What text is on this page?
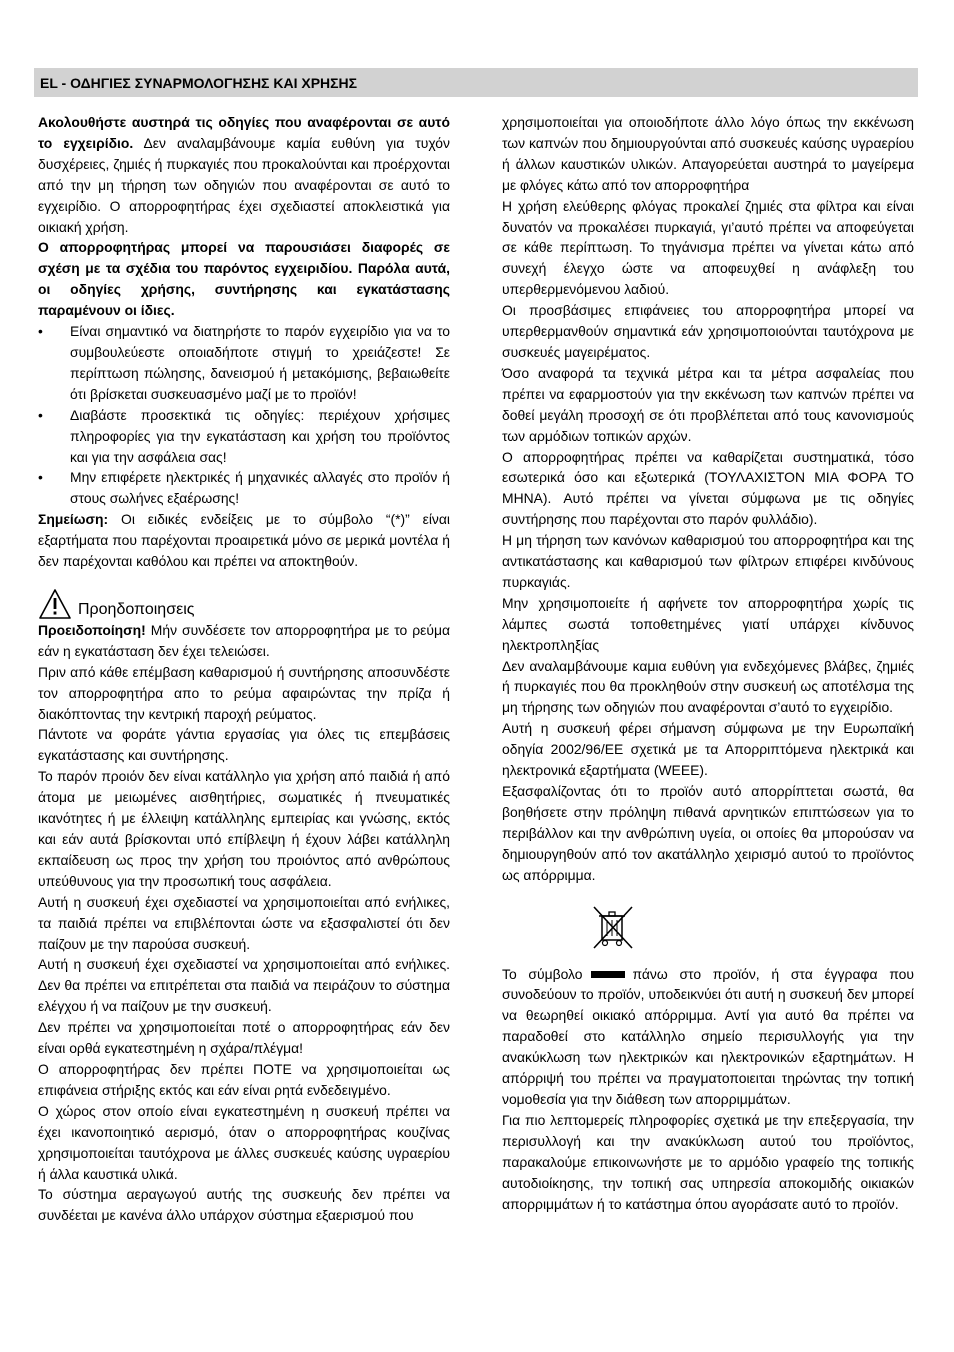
EL - ΟΔΗΓΙΕΣ ΣΥΝΑΡΜΟΛΟΓΗΣΗΣ ΚΑΙ ΧΡΗΣΗΣ

Ακολουθήστε αυστηρά τις οδηγίες που αναφέρονται σε αυτό το εγχειρίδιο. Δεν αναλαμβάνουμε καμία ευθύνη για τυχόν δυσχέρειες, ζημιές ή πυρκαγιές που προκαλούνται και προέρχονται από την μη τήρηση των οδηγιών που αναφέρονται σε αυτό το εγχειρίδιο. Ο απορροφητήρας έχει σχεδιαστεί αποκλειστικά για οικιακή χρήση.

Ο απορροφητήρας μπορεί να παρουσιάσει διαφορές σε σχέση με τα σχέδια του παρόντος εγχειριδίου. Παρόλα αυτά, οι οδηγίες χρήσης, συντήρησης και εγκατάστασης παραμένουν οι ίδιες.

• Είναι σημαντικό να διατηρήστε το παρόν εγχειρίδιο για να το συμβουλεύεστε οποιαδήποτε στιγμή το χρειάζεστε! Σε περίπτωση πώλησης, δανεισμού ή μετακόμισης, βεβαιωθείτε ότι βρίσκεται συσκευασμένο μαζί με το προϊόν!
• Διαβάστε προσεκτικά τις οδηγίες: περιέχουν χρήσιμες πληροφορίες για την εγκατάσταση και χρήση του προϊόντος και για την ασφάλεια σας!
• Μην επιφέρετε ηλεκτρικές ή μηχανικές αλλαγές στο προϊόν ή στους σωλήνες εξαέρωσης!

Σημείωση: Οι ειδικές ενδείξεις με το σύμβολο “(*)” είναι εξαρτήματα που παρέχονται προαιρετικά μόνο σε μερικά μοντέλα ή δεν παρέχονται καθόλου και πρέπει να αποκτηθούν.

Προηδοποιησεις

Προειδοποίηση! Μήν συνδέσετε τον απορροφητήρα με το ρεύμα εάν η εγκατάσταση δεν έχει τελειώσει.

Πριν από κάθε επέμβαση καθαρισμού ή συντήρησης αποσυνδέστε τον απορροφητήρα απο το ρεύμα αφαιρώντας την πρίζα ή διακόπτοντας την κεντρική παροχή ρεύματος.

Πάντοτε να φοράτε γάντια εργασίας για όλες τις επεμβάσεις εγκατάστασης και συντήρησης.

Το παρόν προιόν δεν είναι κατάλληλο για χρήση από παιδιά ή από άτομα με μειωμένες αισθητήριες, σωματικές ή πνευματικές ικανότητες ή με έλλειψη κατάλληλης εμπειρίας και γνώσης, εκτός και εάν αυτά βρίσκονται υπό επίβλεψη ή έχουν λάβει κατάλληλη εκπαίδευση ως προς την χρήση του προιόντος από ανθρώπους υπεύθυνους για την προσωπική τους ασφάλεια.

Αυτή η συσκευή έχει σχεδιαστεί να χρησιμοποιείται από ενήλικες, τα παιδιά πρέπει να επιβλέπονται ώστε να εξασφαλιστεί ότι δεν παίζουν με την παρούσα συσκευή.

Αυτή η συσκευή έχει σχεδιαστεί να χρησιμοποιείται από ενήλικες. Δεν θα πρέπει να επιτρέπεται στα παιδιά να πειράζουν το σύστημα ελέγχου ή να παίζουν με την συσκευή.

Δεν πρέπει να χρησιμοποιείται ποτέ ο απορροφητήρας εάν δεν είναι ορθά εγκατεστημένη η σχάρα/πλέγμα!

Ο απορροφητήρας δεν πρέπει ΠΟΤΕ να χρησιμοποιείται ως επιφάνεια στήριξης εκτός και εάν είναι ρητά ενδεδειγμένο.

Ο χώρος στον οποίο είναι εγκατεστημένη η συσκευή πρέπει να έχει ικανοποιητικό αερισμό, όταν ο απορροφητήρας κουζίνας χρησιμοποιείται ταυτόχρονα με άλλες συσκευές καύσης υγραερίου ή άλλα καυστικά υλικά.

Το σύστημα αεραγωγού αυτής της συσκευής δεν πρέπει να συνδέεται με κανένα άλλο υπάρχον σύστημα εξαερισμού που

χρησιμοποιείται για οποιοδήποτε άλλο λόγο όπως την εκκένωση των καπνών που δημιουργούνται από συσκευές καύσης υγραερίου ή άλλων καυστικών υλικών. Απαγορεύεται αυστηρά το μαγείρεμα με φλόγες κάτω από τον απορροφητήρα

Η χρήση ελεύθερης φλόγας προκαλεί ζημιές στα φίλτρα και είναι δυνατόν να προκαλέσει πυρκαγιά, γι’αυτό πρέπει να αποφεύγεται σε κάθε περίπτωση. Το τηγάνισμα πρέπει να γίνεται κάτω από συνεχή έλεγχο ώστε να αποφευχθεί η ανάφλεξη του υπερθερμενόμενου λαδιού.

Οι προσβάσιμες επιφάνειες του απορροφητήρα μπορεί να υπερθερμανθούν σημαντικά εάν χρησιμοποιούνται ταυτόχρονα με συσκευές μαγειρέματος.

Όσο αναφορά τα τεχνικά μέτρα και τα μέτρα ασφαλείας που πρέπει να εφαρμοστούν για την εκκένωση των καπνών πρέπει να δοθεί μεγάλη προσοχή σε ότι προβλέπεται από τους κανονισμούς των αρμόδιων τοπικών αρχών.

Ο απορροφητήρας πρέπει να καθαρίζεται συστηματικά, τόσο εσωτερικά όσο και εξωτερικά (ΤΟΥΛΑΧΙΣΤΟΝ ΜΙΑ ΦΟΡΑ ΤΟ ΜΗΝΑ). Αυτό πρέπει να γίνεται σύμφωνα με τις οδηγίες συντήρησης που παρέχονται στο παρόν φυλλάδιο).

Η μη τήρηση των κανόνων καθαρισμού του απορροφητήρα και της αντικατάστασης και καθαρισμού των φίλτρων επιφέρει κινδύνους πυρκαγιάς.

Μην χρησιμοποιείτε ή αφήνετε τον απορροφητήρα χωρίς τις λάμπες σωστά τοποθετημένες γιατί υπάρχει κίνδυνος ηλεκτροπληξίας

Δεν αναλαμβάνουμε καμια ευθύνη για ενδεχόμενες βλάβες, ζημιές ή πυρκαγιές που θα προκληθούν στην συσκευή ως αποτέλσμα της μη τήρησης των οδηγιών που αναφέρονται σ’αυτό το εγχειρίδιο.

Αυτή η συσκευή φέρει σήμανση σύμφωνα με την Ευρωπαϊκή οδηγία 2002/96/ΕΕ σχετικά με τα Απορριπτόμενα ηλεκτρικά και ηλεκτρονικά εξαρτήματα (WEEE).

Εξασφαλίζοντας ότι το προϊόν αυτό απορρίπτεται σωστά, θα βοηθήσετε στην πρόληψη πιθανά αρνητικών επιπτώσεων για το περιβάλλον και την ανθρώπινη υγεία, οι οποίες θα μπορούσαν να δημιουργηθούν από τον ακατάλληλο χειρισμό αυτού το προϊόντος ως απόρριμμα.

Το σύμβολο	πάνω στο προϊόν, ή στα έγγραφα που συνοδεύουν το προϊόν, υποδεικνύει ότι αυτή η συσκευή δεν μπορεί να θεωρηθεί οικιακό απόρριμμα. Αντί για αυτό θα πρέπει να παραδοθεί στο κατάλληλο σημείο περισυλλογής για την ανακύκλωση των ηλεκτρικών και ηλεκτρονικών εξαρτημάτων. Η απόρριψή του πρέπει να πραγματοποιειται τηρώντας την τοπική νομοθεσία για την διάθεση των απορριμμάτων.

Για πιο λεπτομερείς πληροφορίες σχετικά με την επεξεργασία, την περισυλλογή και την ανακύκλωση αυτού του προϊόντος, παρακαλούμε επικοινωνήστε με το αρμόδιο γραφείο της τοπικής αυτοδιοίκησης, την τοπική σας υπηρεσία αποκομιδής οικιακών απορριμμάτων ή το κατάστημα όπου αγοράσατε αυτό το προϊόν.
